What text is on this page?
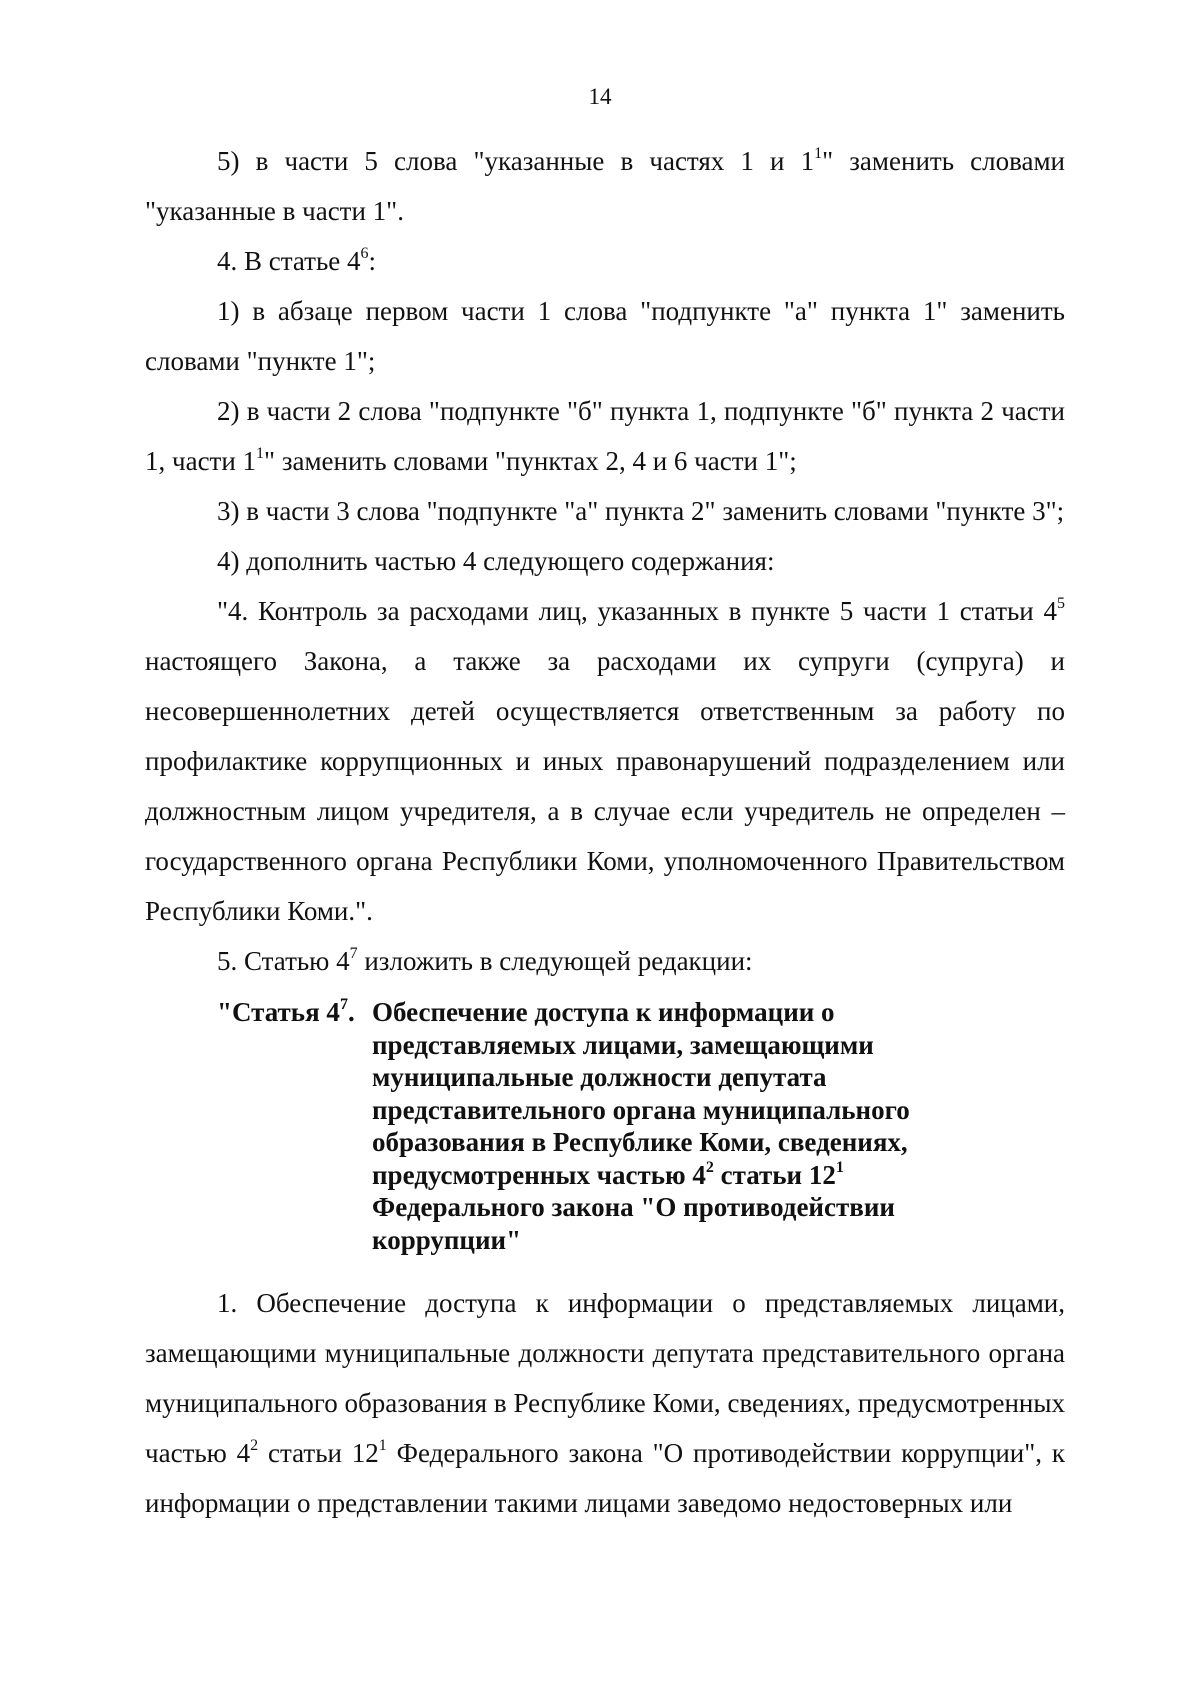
14

5) в части 5 слова "указанные в частях 1 и $1^1$" заменить словами "указанные в части 1".

4. В статье $4^6$:

1) в абзаце первом части 1 слова "подпункте "а" пункта 1" заменить словами "пункте 1";

2) в части 2 слова "подпункте "б" пункта 1, подпункте "б" пункта 2 части 1, части $1^1$" заменить словами "пунктах 2, 4 и 6 части 1";

3) в части 3 слова "подпункте "а" пункта 2" заменить словами "пункте 3";

4) дополнить частью 4 следующего содержания:

"4. Контроль за расходами лиц, указанных в пункте 5 части 1 статьи $4^5$ настоящего Закона, а также за расходами их супруги (супруга) и несовершеннолетних детей осуществляется ответственным за работу по профилактике коррупционных и иных правонарушений подразделением или должностным лицом учредителя, а в случае если учредитель не определен – государственного органа Республики Коми, уполномоченного Правительством Республики Коми.".

5. Статью $4^7$ изложить в следующей редакции:

"Статья $4^7$. Обеспечение доступа к информации о представляемых лицами, замещающими муниципальные должности депутата представительного органа муниципального образования в Республике Коми, сведениях, предусмотренных частью $4^2$ статьи $12^1$ Федерального закона "О противодействии коррупции"

1. Обеспечение доступа к информации о представляемых лицами, замещающими муниципальные должности депутата представительного органа муниципального образования в Республике Коми, сведениях, предусмотренных частью $4^2$ статьи $12^1$ Федерального закона "О противодействии коррупции", к информации о представлении такими лицами заведомо недостоверных или
